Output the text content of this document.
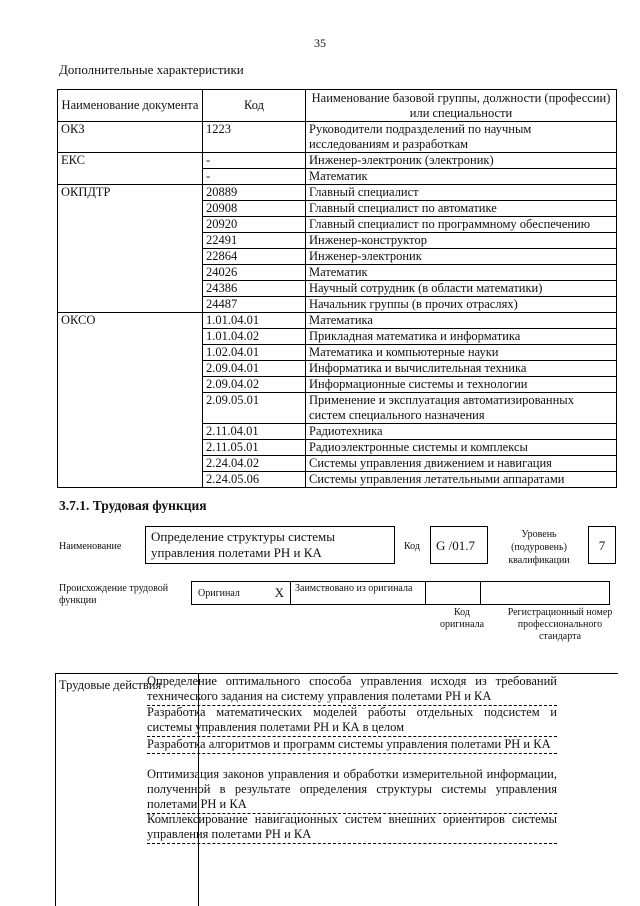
35
Дополнительные характеристики
Наименование документа	Код	Наименование базовой группы, должности (профессии) или специальности
ОКЗ	1223	Руководители подразделений по научным исследованиям и разработкам
ЕКС	-	Инженер-электроник (электроник)
	-	Математик
ОКПДТР	20889	Главный специалист
	20908	Главный специалист по автоматике
	20920	Главный специалист по программному обеспечению
	22491	Инженер-конструктор
	22864	Инженер-электроник
	24026	Математик
	24386	Научный сотрудник (в области математики)
	24487	Начальник группы (в прочих отраслях)
ОКСО	1.01.04.01	Математика
	1.01.04.02	Прикладная математика и информатика
	1.02.04.01	Математика и компьютерные науки
	2.09.04.01	Информатика и вычислительная техника
	2.09.04.02	Информационные системы и технологии
	2.09.05.01	Применение и эксплуатация автоматизированных систем специального назначения
	2.11.04.01	Радиотехника
	2.11.05.01	Радиоэлектронные системы и комплексы
	2.24.04.02	Системы управления движением и навигация
	2.24.05.06	Системы управления летательными аппаратами
3.7.1. Трудовая функция
Наименование
Определение структуры системы управления полетами РН и КА	Код	G /01.7
Уровень (подуровень) квалификации
7
Происхождение трудовой функции
Оригинал	X	Заимствовано из оригинала
Код оригинала
Регистрационный номер профессионального стандарта
Трудовые действия
Определение оптимального способа управления исходя из требований технического задания на систему управления полетами РН и КА
Разработка математических моделей работы отдельных подсистем и системы управления полетами РН и КА в целом
Разработка алгоритмов и программ системы управления полетами РН и КА
Оптимизация законов управления и обработки измерительной информации, полученной в результате определения структуры системы управления полетами РН и КА
Комплексирование навигационных систем внешних ориентиров системы управления полетами РН и КА
